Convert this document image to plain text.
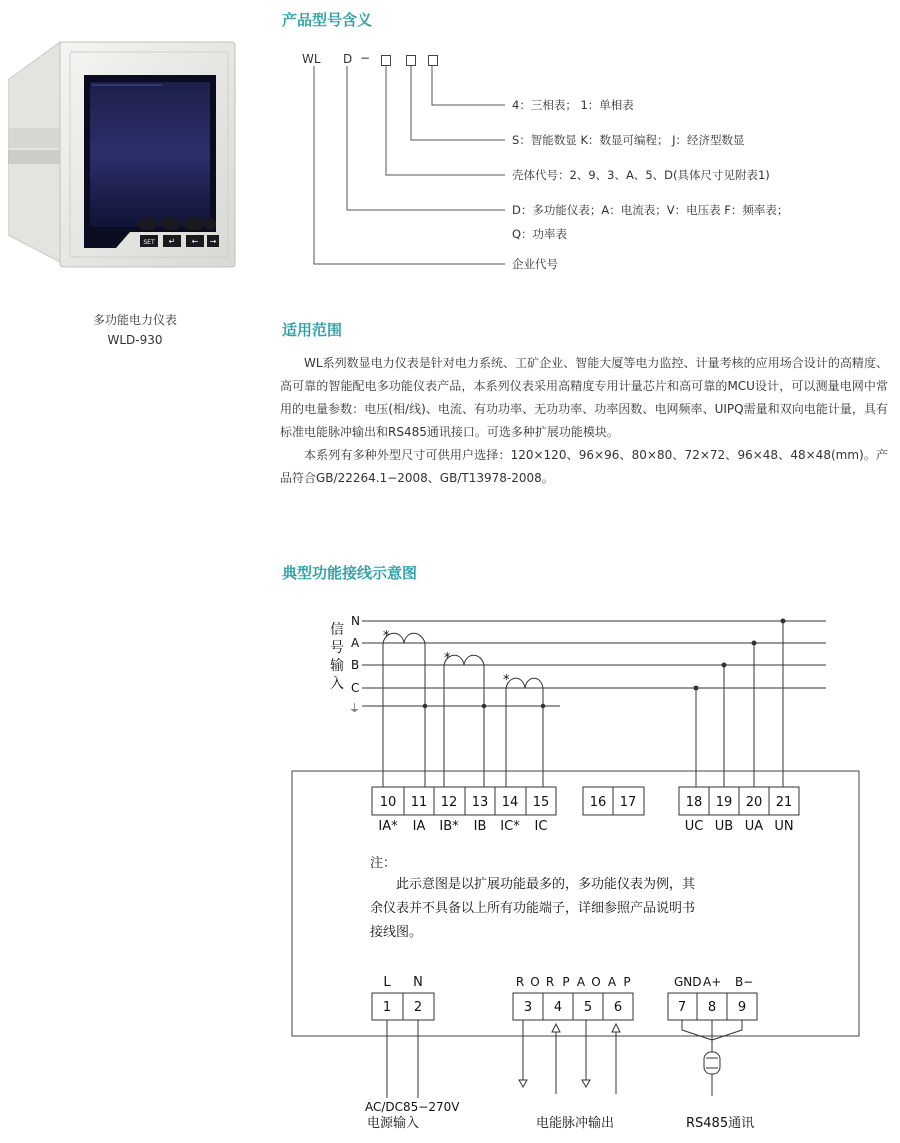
SET ↵ ← →
多功能电力仪表
WLD-930
产品型号含义
WL D −
4：三相表； 1：单相表
S：智能数显 K：数显可编程； J：经济型数显
壳体代号：2、9、3、A、5、D(具体尺寸见附表1)
D：多功能仪表；A：电流表；V：电压表 F：频率表；
Q：功率表
企业代号
适用范围

WL系列数显电力仪表是针对电力系统、工矿企业、智能大厦等电力监控、计量考核的应用场合设计的高精度、高可靠的智能配电多功能仪表产品，本系列仪表采用高精度专用计量芯片和高可靠的MCU设计，可以测量电网中常用的电量参数：电压(相/线)、电流、有功功率、无功功率、功率因数、电网频率、UIPQ需量和双向电能计量，具有标准电能脉冲输出和RS485通讯接口。可选多种扩展功能模块。

本系列有多种外型尺寸可供用户选择：120×120、96×96、80×80、72×72、96×48、48×48(mm)。产品符合GB/22264.1−2008、GB/T13978-2008。

典型功能接线示意图
信
号
输
入
N
A
B
C
⏚
*
*
*
10 11 12 13 14 15
IA* IA IB* IB IC* IC
16 17	18 19 20 21
UC UB UA UN
注：
此示意图是以扩展功能最多的，多功能仪表为例，其
余仪表并不具备以上所有功能端子，详细参照产品说明书
接线图。
L N
1 2
AC/DC85−270V
电源输入
R O R P A O A P
3 4 5 6
电能脉冲输出
GND A+ B−
7 8 9
RS485通讯
